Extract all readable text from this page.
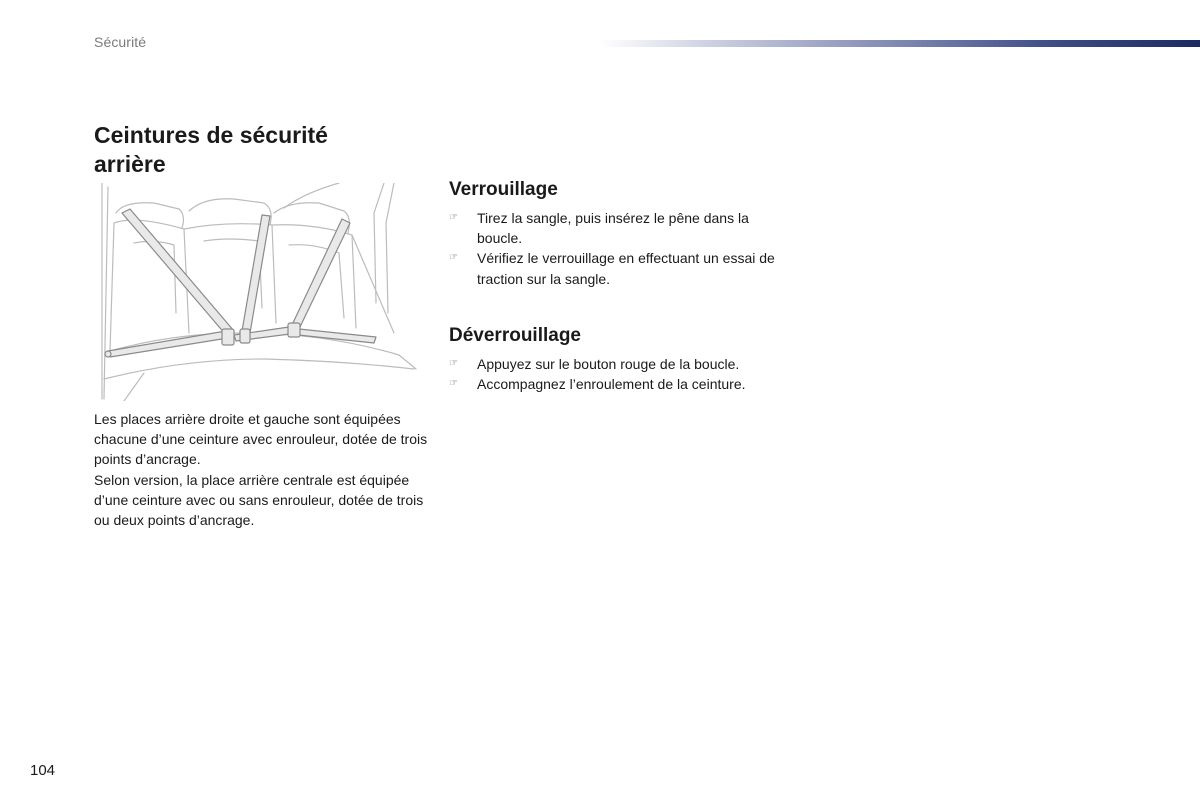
Sécurité
Ceintures de sécurité
arrière

Les places arrière droite et gauche sont équipées chacune d’une ceinture avec enrouleur, dotée de trois points d’ancrage.

Selon version, la place arrière centrale est équipée d’une ceinture avec ou sans enrouleur, dotée de trois ou deux points d’ancrage.

Verrouillage
☞ Tirez la sangle, puis insérez le pêne dans la boucle.
☞ Vérifiez le verrouillage en effectuant un essai de traction sur la sangle.
Déverrouillage
☞ Appuyez sur le bouton rouge de la boucle.
☞ Accompagnez l’enroulement de la ceinture.
104
